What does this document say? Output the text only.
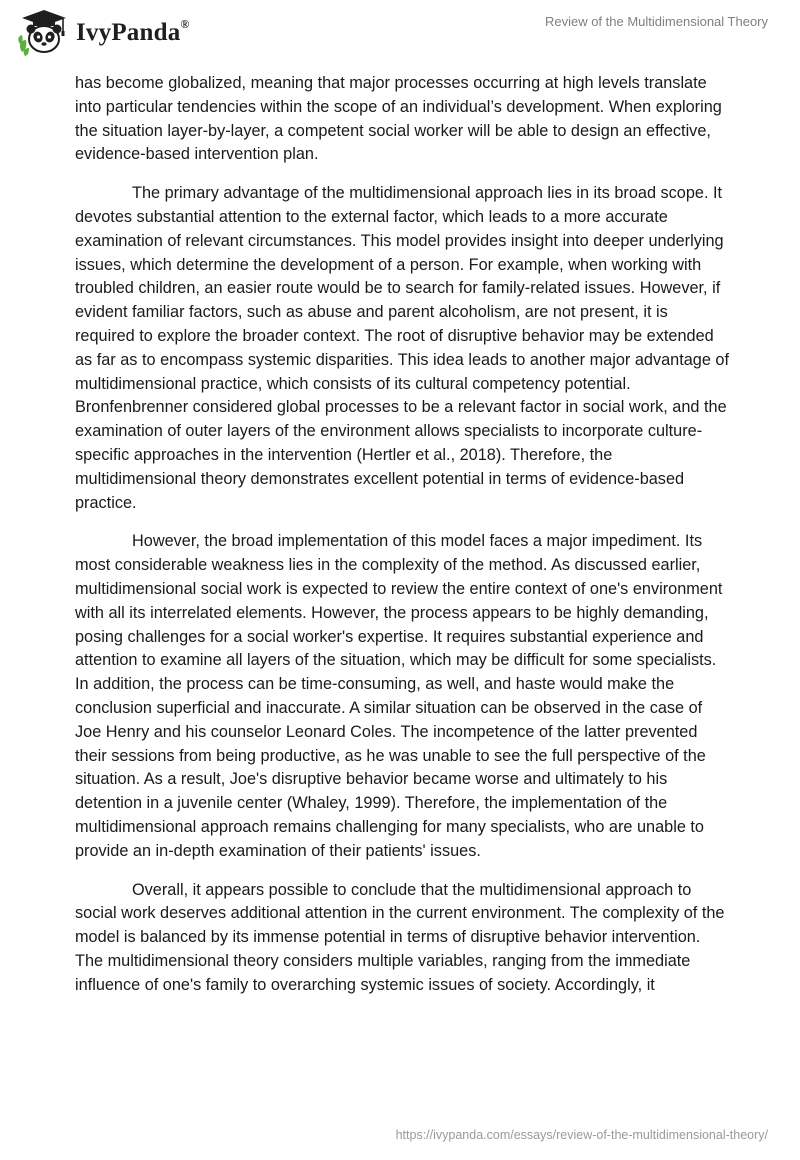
IvyPanda®	Review of the Multidimensional Theory

has become globalized, meaning that major processes occurring at high levels translate into particular tendencies within the scope of an individual’s development. When exploring the situation layer-by-layer, a competent social worker will be able to design an effective, evidence-based intervention plan.

The primary advantage of the multidimensional approach lies in its broad scope. It devotes substantial attention to the external factor, which leads to a more accurate examination of relevant circumstances. This model provides insight into deeper underlying issues, which determine the development of a person. For example, when working with troubled children, an easier route would be to search for family-related issues. However, if evident familiar factors, such as abuse and parent alcoholism, are not present, it is required to explore the broader context. The root of disruptive behavior may be extended as far as to encompass systemic disparities. This idea leads to another major advantage of multidimensional practice, which consists of its cultural competency potential. Bronfenbrenner considered global processes to be a relevant factor in social work, and the examination of outer layers of the environment allows specialists to incorporate culture-specific approaches in the intervention (Hertler et al., 2018). Therefore, the multidimensional theory demonstrates excellent potential in terms of evidence-based practice.

However, the broad implementation of this model faces a major impediment. Its most considerable weakness lies in the complexity of the method. As discussed earlier, multidimensional social work is expected to review the entire context of one's environment with all its interrelated elements. However, the process appears to be highly demanding, posing challenges for a social worker's expertise. It requires substantial experience and attention to examine all layers of the situation, which may be difficult for some specialists. In addition, the process can be time-consuming, as well, and haste would make the conclusion superficial and inaccurate. A similar situation can be observed in the case of Joe Henry and his counselor Leonard Coles. The incompetence of the latter prevented their sessions from being productive, as he was unable to see the full perspective of the situation. As a result, Joe's disruptive behavior became worse and ultimately to his detention in a juvenile center (Whaley, 1999). Therefore, the implementation of the multidimensional approach remains challenging for many specialists, who are unable to provide an in-depth examination of their patients' issues.

Overall, it appears possible to conclude that the multidimensional approach to social work deserves additional attention in the current environment. The complexity of the model is balanced by its immense potential in terms of disruptive behavior intervention. The multidimensional theory considers multiple variables, ranging from the immediate influence of one's family to overarching systemic issues of society. Accordingly, it

https://ivypanda.com/essays/review-of-the-multidimensional-theory/
